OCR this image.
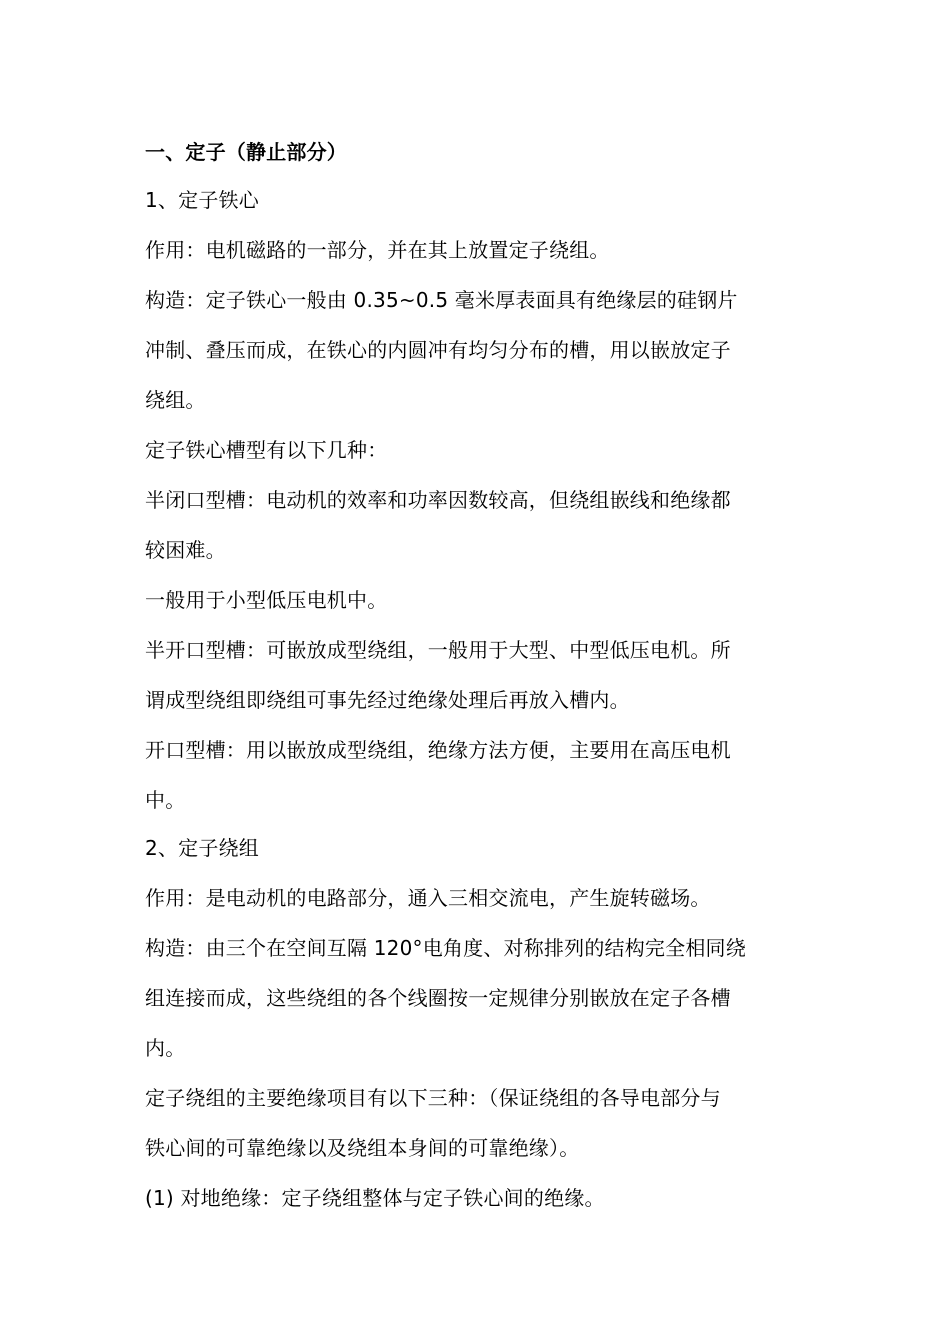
一、定子（静止部分）
1、定子铁心
作用：电机磁路的一部分，并在其上放置定子绕组。
构造：定子铁心一般由 0.35~0.5 毫米厚表面具有绝缘层的硅钢片
冲制、叠压而成，在铁心的内圆冲有均匀分布的槽，用以嵌放定子
绕组。
定子铁心槽型有以下几种：
半闭口型槽：电动机的效率和功率因数较高，但绕组嵌线和绝缘都
较困难。
一般用于小型低压电机中。
半开口型槽：可嵌放成型绕组，一般用于大型、中型低压电机。所
谓成型绕组即绕组可事先经过绝缘处理后再放入槽内。
开口型槽：用以嵌放成型绕组，绝缘方法方便，主要用在高压电机
中。
2、定子绕组
作用：是电动机的电路部分，通入三相交流电，产生旋转磁场。
构造：由三个在空间互隔 120°电角度、对称排列的结构完全相同绕
组连接而成，这些绕组的各个线圈按一定规律分别嵌放在定子各槽
内。
定子绕组的主要绝缘项目有以下三种：（保证绕组的各导电部分与
铁心间的可靠绝缘以及绕组本身间的可靠绝缘）。
(1) 对地绝缘：定子绕组整体与定子铁心间的绝缘。
